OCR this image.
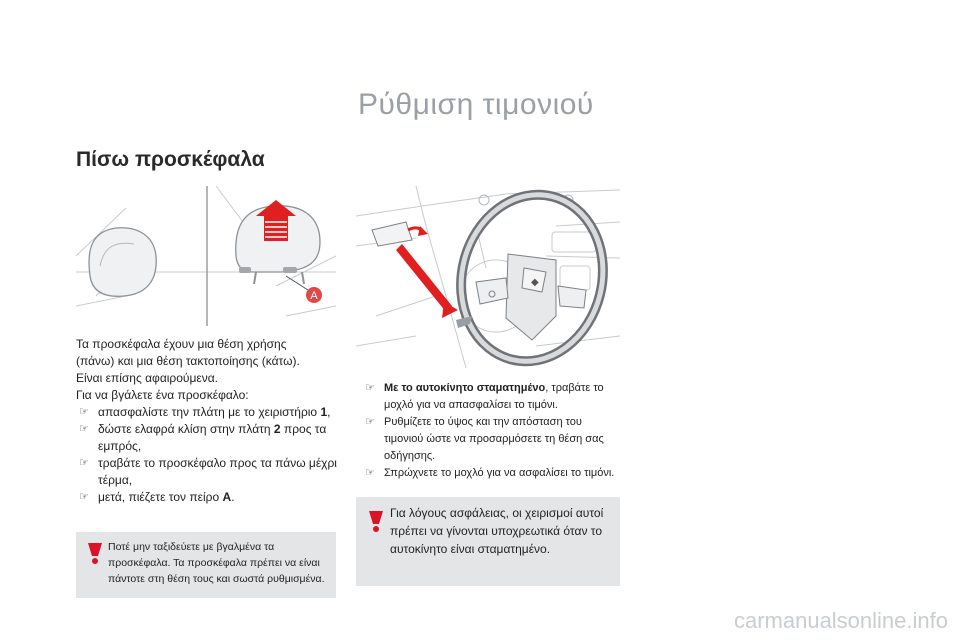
Ρύθμιση τιμονιού
Πίσω προσκέφαλα
A
◆
Τα προσκέφαλα έχουν μια θέση χρήσης
(πάνω) και μια θέση τακτοποίησης (κάτω).
Είναι επίσης αφαιρούμενα.
Για να βγάλετε ένα προσκέφαλο:
☞ απασφαλίστε την πλάτη με το χειριστήριο 1,
☞ δώστε ελαφρά κλίση στην πλάτη 2 προς τα εμπρός,
☞ τραβάτε το προσκέφαλο προς τα πάνω μέχρι τέρμα,
☞ μετά, πιέζετε τον πείρο A.

Ποτέ μην ταξιδεύετε με βγαλμένα τα προσκέφαλα. Τα προσκέφαλα πρέπει να είναι πάντοτε στη θέση τους και σωστά ρυθμισμένα.

☞ Με το αυτοκίνητο σταματημένο, τραβάτε το μοχλό για να απασφαλίσει το τιμόνι.
☞ Ρυθμίζετε το ύψος και την απόσταση του τιμονιού ώστε να προσαρμόσετε τη θέση σας οδήγησης.
☞ Σπρώχνετε το μοχλό για να ασφαλίσει το τιμόνι.

Για λόγους ασφάλειας, οι χειρισμοί αυτοί πρέπει να γίνονται υποχρεωτικά όταν το αυτοκίνητο είναι σταματημένο.

carmanualsonline.info
